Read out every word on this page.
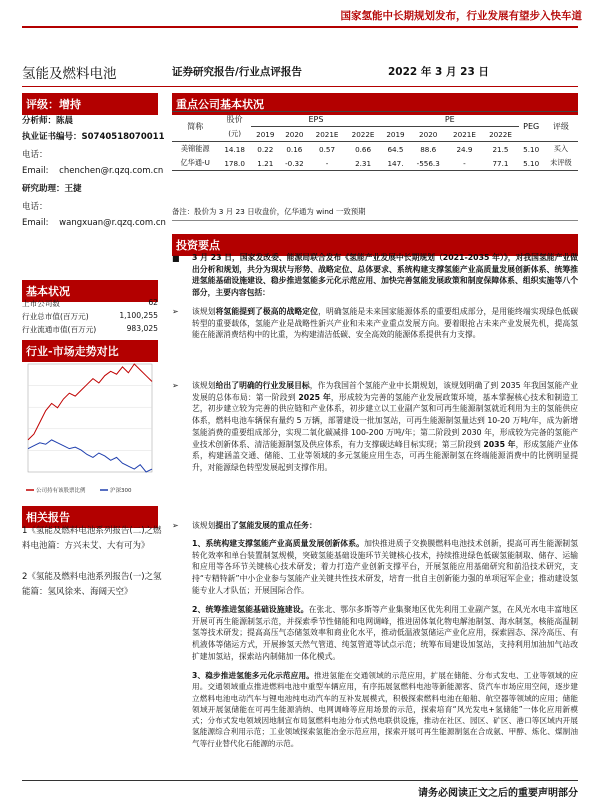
国家氢能中长期规划发布，行业发展有望步入快车道
氢能及燃料电池	证券研究报告/行业点评报告	2022 年 3 月 23 日
评级：增持
分析师：陈晨
执业证书编号：S0740518070011
电话：
Email: chenchen@r.qzq.com.cn
研究助理：王捷
电话：
Email: wangxuan@r.qzq.com.cn
基本状况
上市公司数	62
行业总市值(百万元)	1,100,255
行业流通市值(百万元)	983,025
行业-市场走势对比
公司持有该股票比例	沪深300
相关报告
1《氢能及燃料电池系列报告(二)之燃料电池篇：方兴未艾、大有可为》
2《氢能及燃料电池系列报告(一)之氢能篇：氢风徐来、海阔天空》
重点公司基本状况
简称	股价	EPS				PE				PEG	评级
	(元)	2019	2020	2021E	2022E	2019	2020	2021E	2022E		
美锦能源	14.18	0.22	0.16	0.57	0.66	64.5	88.6	24.9	21.5	5.10	买入
亿华通-U	178.0	1.21	-0.32	-	2.31	147.	-556.3	-	77.1	5.10	未评级
备注：股价为 3 月 23 日收盘价，亿华通为 wind 一致预期
投资要点
■ 3 月 23 日，国家发改委、能源局联合发布《氢能产业发展中长期规划（2021-2035 年）》，对我国氢能产业做出分析和规划，共分为现状与形势、战略定位、总体要求、系统构建支撑氢能产业高质量发展创新体系、统筹推进氢能基础设施建设、稳步推进氢能多元化示范应用、加快完善氢能发展政策和制度保障体系、组织实施等八个部分，主要内容包括：
➢ 该规划将氢能提到了极高的战略定位，明确氢能是未来国家能源体系的重要组成部分，是用能终端实现绿色低碳转型的重要载体，氢能产业是战略性新兴产业和未来产业重点发展方向。要着眼抢占未来产业发展先机，提高氢能在能源消费结构中的比重，为构建清洁低碳、安全高效的能源体系提供有力支撑。
➢ 该规划给出了明确的行业发展目标，作为我国首个氢能产业中长期规划，该规划明确了到 2035 年我国氢能产业发展的总体布局：第一阶段到 2025 年，形成较为完善的氢能产业发展政策环境，基本掌握核心技术和制造工艺，初步建立较为完善的供应链和产业体系，初步建立以工业副产氢和可再生能源制氢就近利用为主的氢能供应体系，燃料电池车辆保有量约 5 万辆，部署建设一批加氢站，可再生能源制氢量达到 10-20 万吨/年，成为新增氢能消费的重要组成部分，实现二氧化碳减排 100-200 万吨/年；第二阶段到 2030 年，形成较为完备的氢能产业技术创新体系、清洁能源制氢及供应体系，有力支撑碳达峰目标实现；第三阶段到 2035 年，形成氢能产业体系，构建涵盖交通、储能、工业等领域的多元氢能应用生态，可再生能源制氢在终端能源消费中的比例明显提升，对能源绿色转型发展起到支撑作用。
➢ 该规划提出了氢能发展的重点任务：
1、系统构建支撑氢能产业高质量发展创新体系。加快推进质子交换膜燃料电池技术创新，提高可再生能源制氢转化效率和单台装置制氢规模，突破氢能基础设施环节关键核心技术，持续推进绿色低碳氢能制取、储存、运输和应用等各环节关键核心技术研发；着力打造产业创新支撑平台，开展氢能应用基础研究和前沿技术研究，支持“专精特新”中小企业参与氢能产业关键共性技术研发，培育一批自主创新能力强的单项冠军企业；推动建设氢能专业人才队伍；开展国际合作。
2、统筹推进氢能基础设施建设。在张北、鄂尔多斯等产业集聚地区优先利用工业副产氢，在风光水电丰富地区开展可再生能源制氢示范，并探索季节性储能和电网调峰，推进固体氧化物电解池制氢、海水制氢，核能高温制氢等技术研发；提高高压气态储氢效率和商业化水平，推动低温液氢储运产业化应用，探索固态、深冷高压、有机液体等储运方式，开展掺氢天然气管道、纯氢管道等试点示范；统筹布局建设加氢站，支持利用加油加气站改扩建加氢站，探索站内制储加一体化模式。
3、稳步推进氢能多元化示范应用。推进氢能在交通领域的示范应用，扩展在储能、分布式发电、工业等领域的应用。交通领域重点推进燃料电池中重型车辆应用，有序拓展氢燃料电池等新能源客、货汽车市场应用空间，逐步建立燃料电池电动汽车与锂电池纯电动汽车的互补发展模式，积极探索燃料电池在船舶、航空器等领域的应用；储能领域开展氢储能在可再生能源消纳、电网调峰等应用场景的示范，探索培育“风光发电+氢储能”一体化应用新模式；分布式发电领域因地制宜布局氢燃料电池分布式热电联供设施，推动在社区、园区、矿区、港口等区域内开展氢能源综合利用示范；工业领域探索氢能冶金示范应用，探索开展可再生能源制氢在合成氨、甲醇、炼化、煤制油气等行业替代化石能源的示范。
请务必阅读正文之后的重要声明部分
